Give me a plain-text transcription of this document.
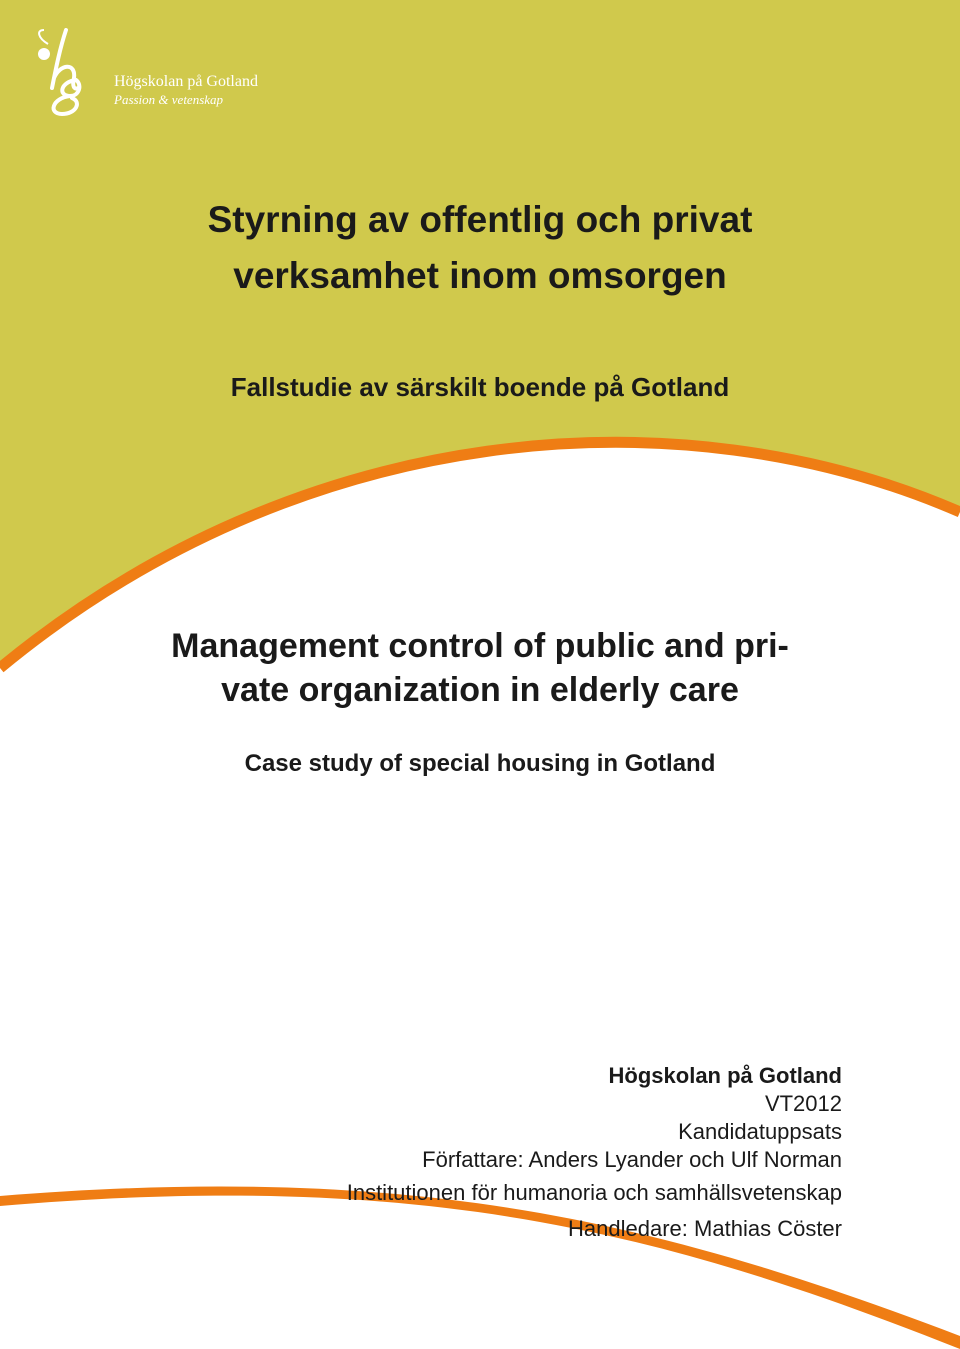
Högskolan på Gotland
Passion & vetenskap
Styrning av offentlig och privat
verksamhet inom omsorgen
Fallstudie av särskilt boende på Gotland
Management control of public and pri-
vate organization in elderly care
Case study of special housing in Gotland
Högskolan på Gotland
VT2012
Kandidatuppsats
Författare: Anders Lyander och Ulf Norman
Institutionen för humanoria och samhällsvetenskap
Handledare: Mathias Cöster
